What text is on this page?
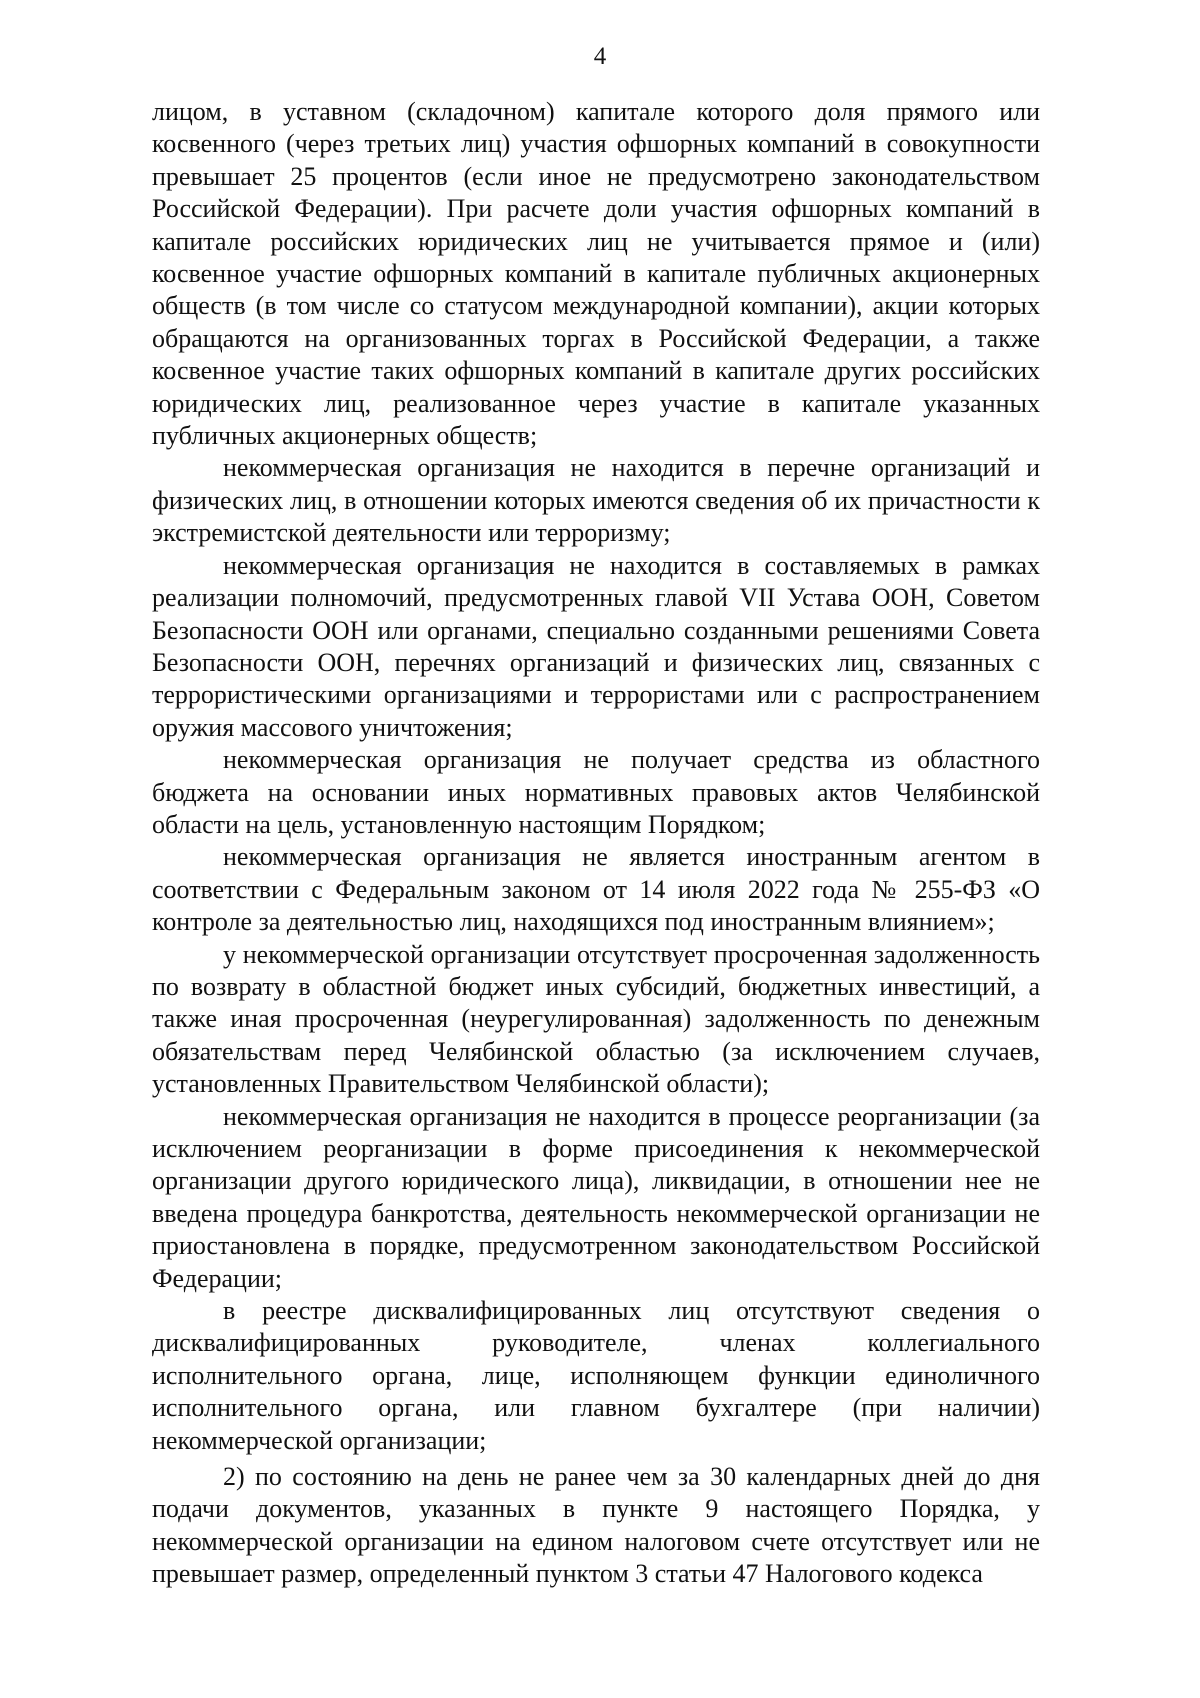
4

лицом, в уставном (складочном) капитале которого доля прямого или косвенного (через третьих лиц) участия офшорных компаний в совокупности превышает 25 процентов (если иное не предусмотрено законодательством Российской Федерации). При расчете доли участия офшорных компаний в капитале российских юридических лиц не учитывается прямое и (или) косвенное участие офшорных компаний в капитале публичных акционерных обществ (в том числе со статусом международной компании), акции которых обращаются на организованных торгах в Российской Федерации, а также косвенное участие таких офшорных компаний в капитале других российских юридических лиц, реализованное через участие в капитале указанных публичных акционерных обществ;

некоммерческая организация не находится в перечне организаций и физических лиц, в отношении которых имеются сведения об их причастности к экстремистской деятельности или терроризму;

некоммерческая организация не находится в составляемых в рамках реализации полномочий, предусмотренных главой VII Устава ООН, Советом Безопасности ООН или органами, специально созданными решениями Совета Безопасности ООН, перечнях организаций и физических лиц, связанных с террористическими организациями и террористами или с распространением оружия массового уничтожения;

некоммерческая организация не получает средства из областного бюджета на основании иных нормативных правовых актов Челябинской области на цель, установленную настоящим Порядком;

некоммерческая организация не является иностранным агентом в соответствии с Федеральным законом от 14 июля 2022 года № 255-ФЗ «О контроле за деятельностью лиц, находящихся под иностранным влиянием»;

у некоммерческой организации отсутствует просроченная задолженность по возврату в областной бюджет иных субсидий, бюджетных инвестиций, а также иная просроченная (неурегулированная) задолженность по денежным обязательствам перед Челябинской областью (за исключением случаев, установленных Правительством Челябинской области);

некоммерческая организация не находится в процессе реорганизации (за исключением реорганизации в форме присоединения к некоммерческой организации другого юридического лица), ликвидации, в отношении нее не введена процедура банкротства, деятельность некоммерческой организации не приостановлена в порядке, предусмотренном законодательством Российской Федерации;

в реестре дисквалифицированных лиц отсутствуют сведения о дисквалифицированных руководителе, членах коллегиального исполнительного органа, лице, исполняющем функции единоличного исполнительного органа, или главном бухгалтере (при наличии) некоммерческой организации;

2) по состоянию на день не ранее чем за 30 календарных дней до дня подачи документов, указанных в пункте 9 настоящего Порядка, у некоммерческой организации на едином налоговом счете отсутствует или не превышает размер, определенный пунктом 3 статьи 47 Налогового кодекса
